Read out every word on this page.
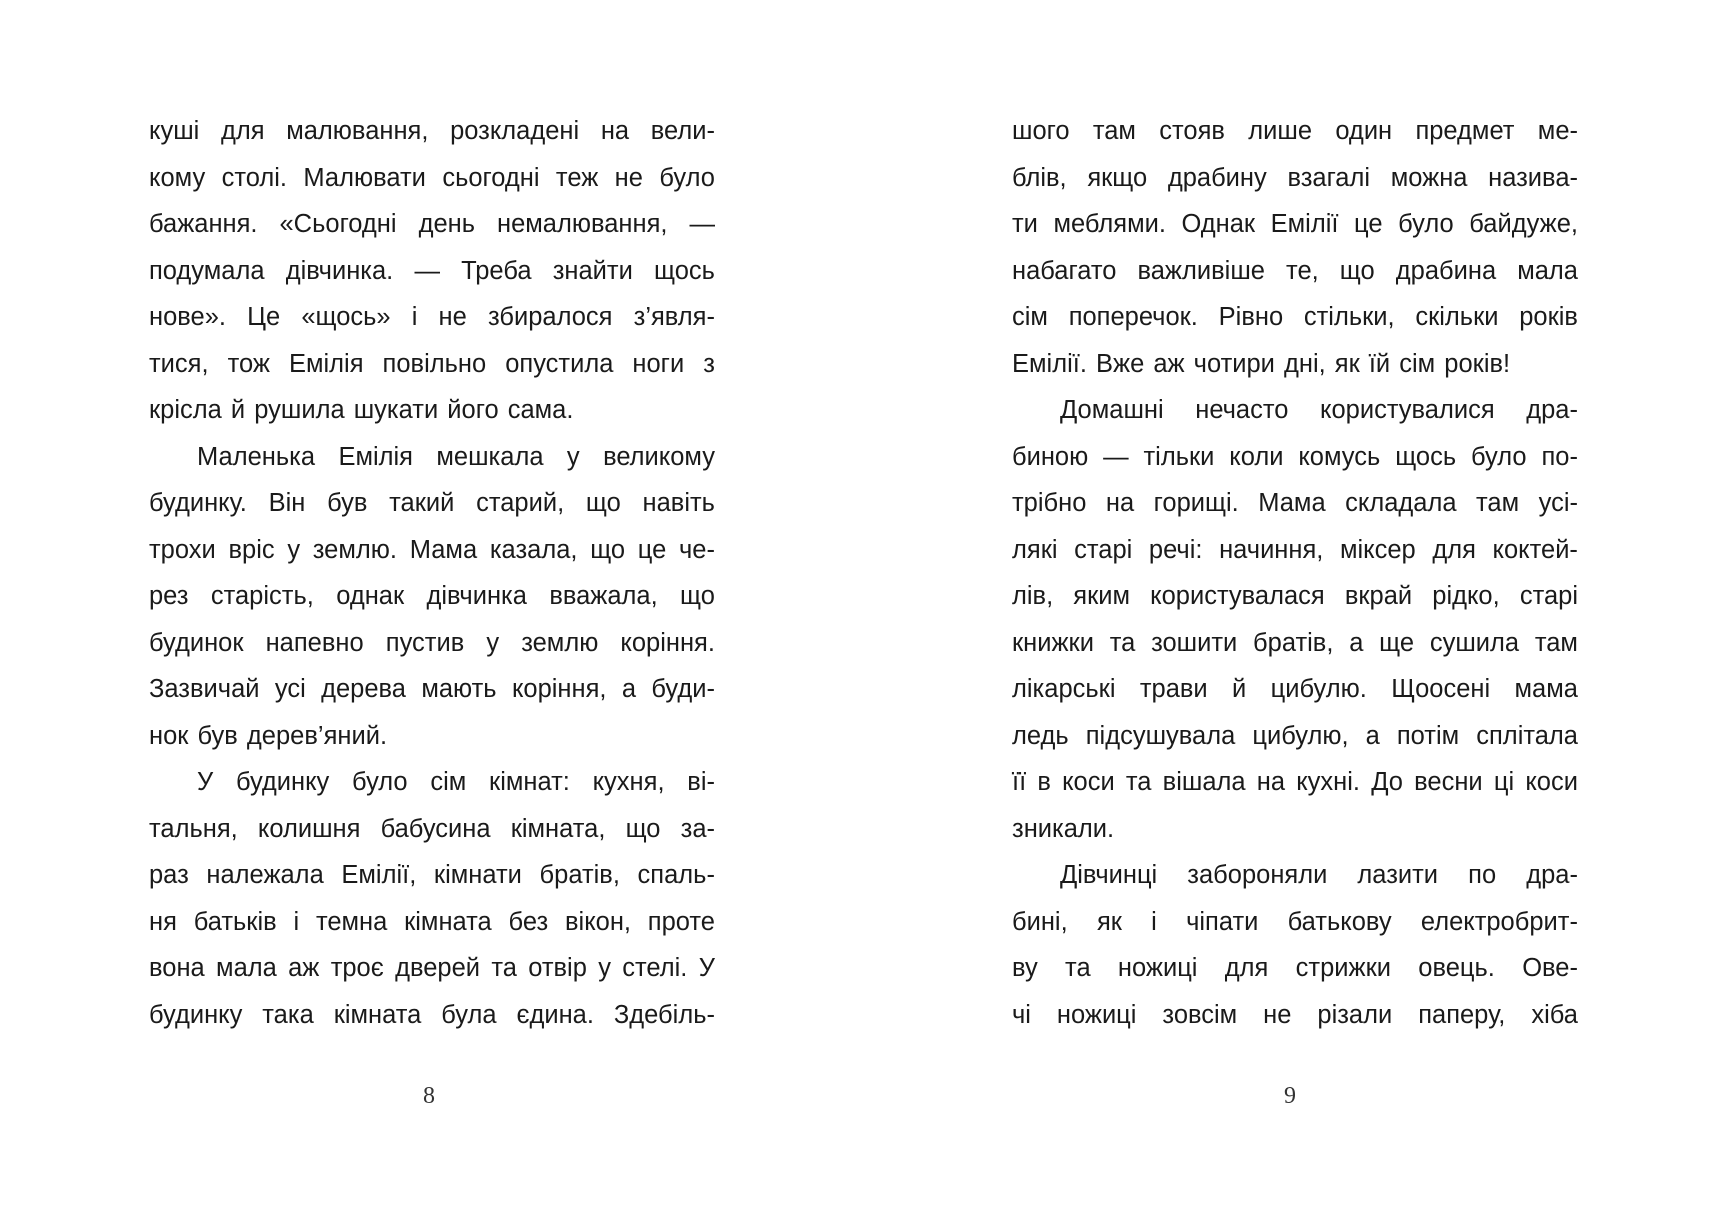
куші для малювання, розкладені на вели-
кому столі. Малювати сьогодні теж не було
бажання. «Сьогодні день немалювання, —
подумала дівчинка. — Треба знайти щось
нове». Це «щось» і не збиралося з’явля-
тися, тож Емілія повільно опустила ноги з
крісла й рушила шукати його сама.
Маленька Емілія мешкала у великому
будинку. Він був такий старий, що навіть
трохи вріс у землю. Мама казала, що це че-
рез старість, однак дівчинка вважала, що
будинок напевно пустив у землю коріння.
Зазвичай усі дерева мають коріння, а буди-
нок був дерев’яний.
У будинку було сім кімнат: кухня, ві-
тальня, колишня бабусина кімната, що за-
раз належала Емілії, кімнати братів, спаль-
ня батьків і темна кімната без вікон, проте
вона мала аж троє дверей та отвір у стелі. У
будинку така кімната була єдина. Здебіль-
8
шого там стояв лише один предмет ме-
блів, якщо драбину взагалі можна назива-
ти меблями. Однак Емілії це було байдуже,
набагато важливіше те, що драбина мала
сім поперечок. Рівно стільки, скільки років
Емілії. Вже аж чотири дні, як їй сім років!
Домашні нечасто користувалися дра-
биною — тільки коли комусь щось було по-
трібно на горищі. Мама складала там усі-
лякі старі речі: начиння, міксер для коктей-
лів, яким користувалася вкрай рідко, старі
книжки та зошити братів, а ще сушила там
лікарські трави й цибулю. Щоосені мама
ледь підсушувала цибулю, а потім сплітала
її в коси та вішала на кухні. До весни ці коси
зникали.
Дівчинці забороняли лазити по дра-
бині, як і чіпати батькову електробрит-
ву та ножиці для стрижки овець. Ове-
чі ножиці зовсім не різали паперу, хіба
9
